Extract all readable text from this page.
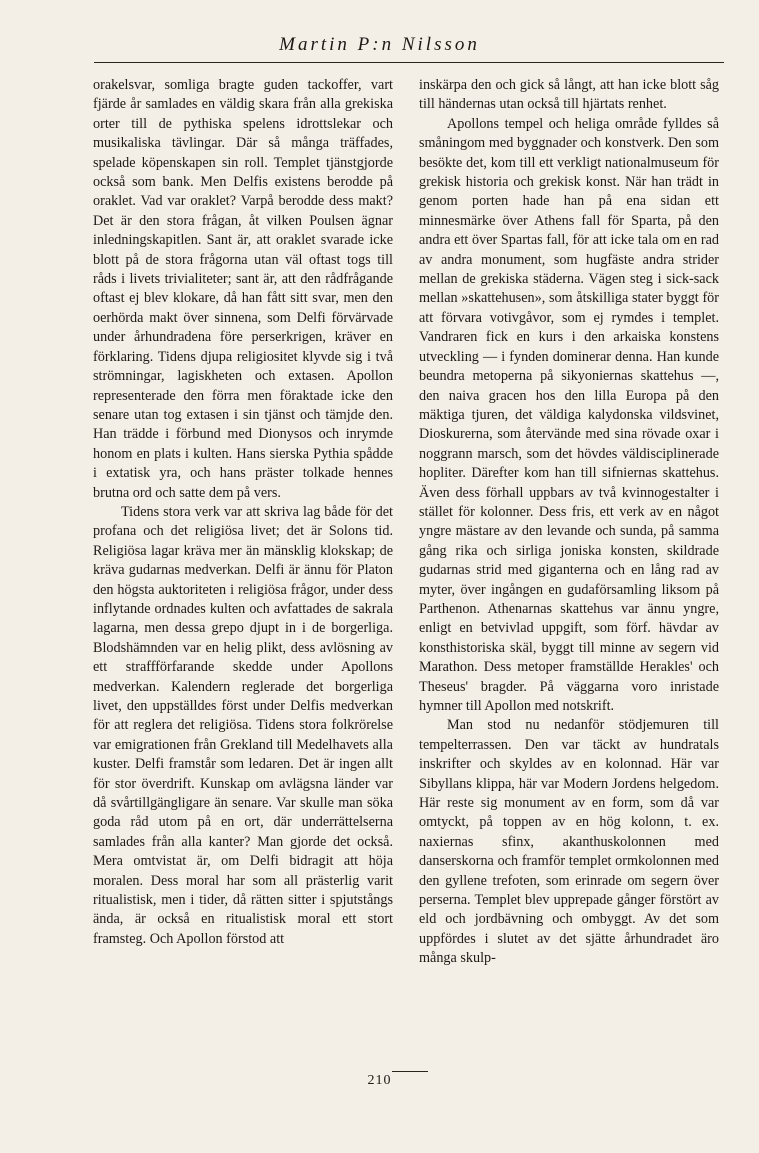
Martin P:n Nilsson

orakelsvar, somliga bragte guden tackoffer, vart fjärde år samlades en väldig skara från alla grekiska orter till de pythiska spelens idrottslekar och musikaliska tävlingar. Där så många träffades, spelade köpenskapen sin roll. Templet tjänstgjorde också som bank. Men Delfis existens berodde på oraklet. Vad var oraklet? Varpå berodde dess makt? Det är den stora frågan, åt vilken Poulsen ägnar inledningskapitlen. Sant är, att oraklet svarade icke blott på de stora frågorna utan väl oftast togs till råds i livets trivialiteter; sant är, att den rådfrågande oftast ej blev klokare, då han fått sitt svar, men den oerhörda makt över sinnena, som Delfi förvärvade under århundradena före perserkrigen, kräver en förklaring. Tidens djupa religiositet klyvde sig i två strömningar, lagiskheten och extasen. Apollon representerade den förra men föraktade icke den senare utan tog extasen i sin tjänst och tämjde den. Han trädde i förbund med Dionysos och inrymde honom en plats i kulten. Hans sierska Pythia spådde i extatisk yra, och hans präster tolkade hennes brutna ord och satte dem på vers.

Tidens stora verk var att skriva lag både för det profana och det religiösa livet; det är Solons tid. Religiösa lagar kräva mer än mänsklig klokskap; de kräva gudarnas medverkan. Delfi är ännu för Platon den högsta auktoriteten i religiösa frågor, under dess inflytande ordnades kulten och avfattades de sakrala lagarna, men dessa grepo djupt in i de borgerliga. Blodshämnden var en helig plikt, dess avlösning av ett straffförfarande skedde under Apollons medverkan. Kalendern reglerade det borgerliga livet, den uppställdes först under Delfis medverkan för att reglera det religiösa. Tidens stora folkrörelse var emigrationen från Grekland till Medelhavets alla kuster. Delfi framstår som ledaren. Det är ingen allt för stor överdrift. Kunskap om avlägsna länder var då svårtillgängligare än senare. Var skulle man söka goda råd utom på en ort, där underrättelserna samlades från alla kanter? Man gjorde det också. Mera omtvistat är, om Delfi bidragit att höja moralen. Dess moral har som all prästerlig varit ritualistisk, men i tider, då rätten sitter i spjutstångs ända, är också en ritualistisk moral ett stort framsteg. Och Apollon förstod att

inskärpa den och gick så långt, att han icke blott såg till händernas utan också till hjärtats renhet.

Apollons tempel och heliga område fylldes så småningom med byggnader och konstverk. Den som besökte det, kom till ett verkligt nationalmuseum för grekisk historia och grekisk konst. När han trädt in genom porten hade han på ena sidan ett minnesmärke över Athens fall för Sparta, på den andra ett över Spartas fall, för att icke tala om en rad av andra monument, som hugfäste andra strider mellan de grekiska städerna. Vägen steg i sick-sack mellan »skattehusen», som åtskilliga stater byggt för att förvara votivgåvor, som ej rymdes i templet. Vandraren fick en kurs i den arkaiska konstens utveckling — i fynden dominerar denna. Han kunde beundra metoperna på sikyoniernas skattehus —, den naiva gracen hos den lilla Europa på den mäktiga tjuren, det väldiga kalydonska vildsvinet, Dioskurerna, som återvände med sina rövade oxar i noggrann marsch, som det hövdes väldisciplinerade hopliter. Därefter kom han till sifniernas skattehus. Även dess förhall uppbars av två kvinnogestalter i stället för kolonner. Dess fris, ett verk av en något yngre mästare av den levande och sunda, på samma gång rika och sirliga joniska konsten, skildrade gudarnas strid med giganterna och en lång rad av myter, över ingången en gudaförsamling liksom på Parthenon. Athenarnas skattehus var ännu yngre, enligt en betvivlad uppgift, som förf. hävdar av konsthistoriska skäl, byggt till minne av segern vid Marathon. Dess metoper framställde Herakles' och Theseus' bragder. På väggarna voro inristade hymner till Apollon med notskrift.

Man stod nu nedanför stödjemuren till tempelterrassen. Den var täckt av hundratals inskrifter och skyldes av en kolonnad. Här var Sibyllans klippa, här var Modern Jordens helgedom. Här reste sig monument av en form, som då var omtyckt, på toppen av en hög kolonn, t. ex. naxiernas sfinx, akanthuskolonnen med danserskorna och framför templet ormkolonnen med den gyllene trefoten, som erinrade om segern över perserna. Templet blev upprepade gånger förstört av eld och jordbävning och ombyggt. Av det som uppfördes i slutet av det sjätte århundradet äro många skulp-

210
